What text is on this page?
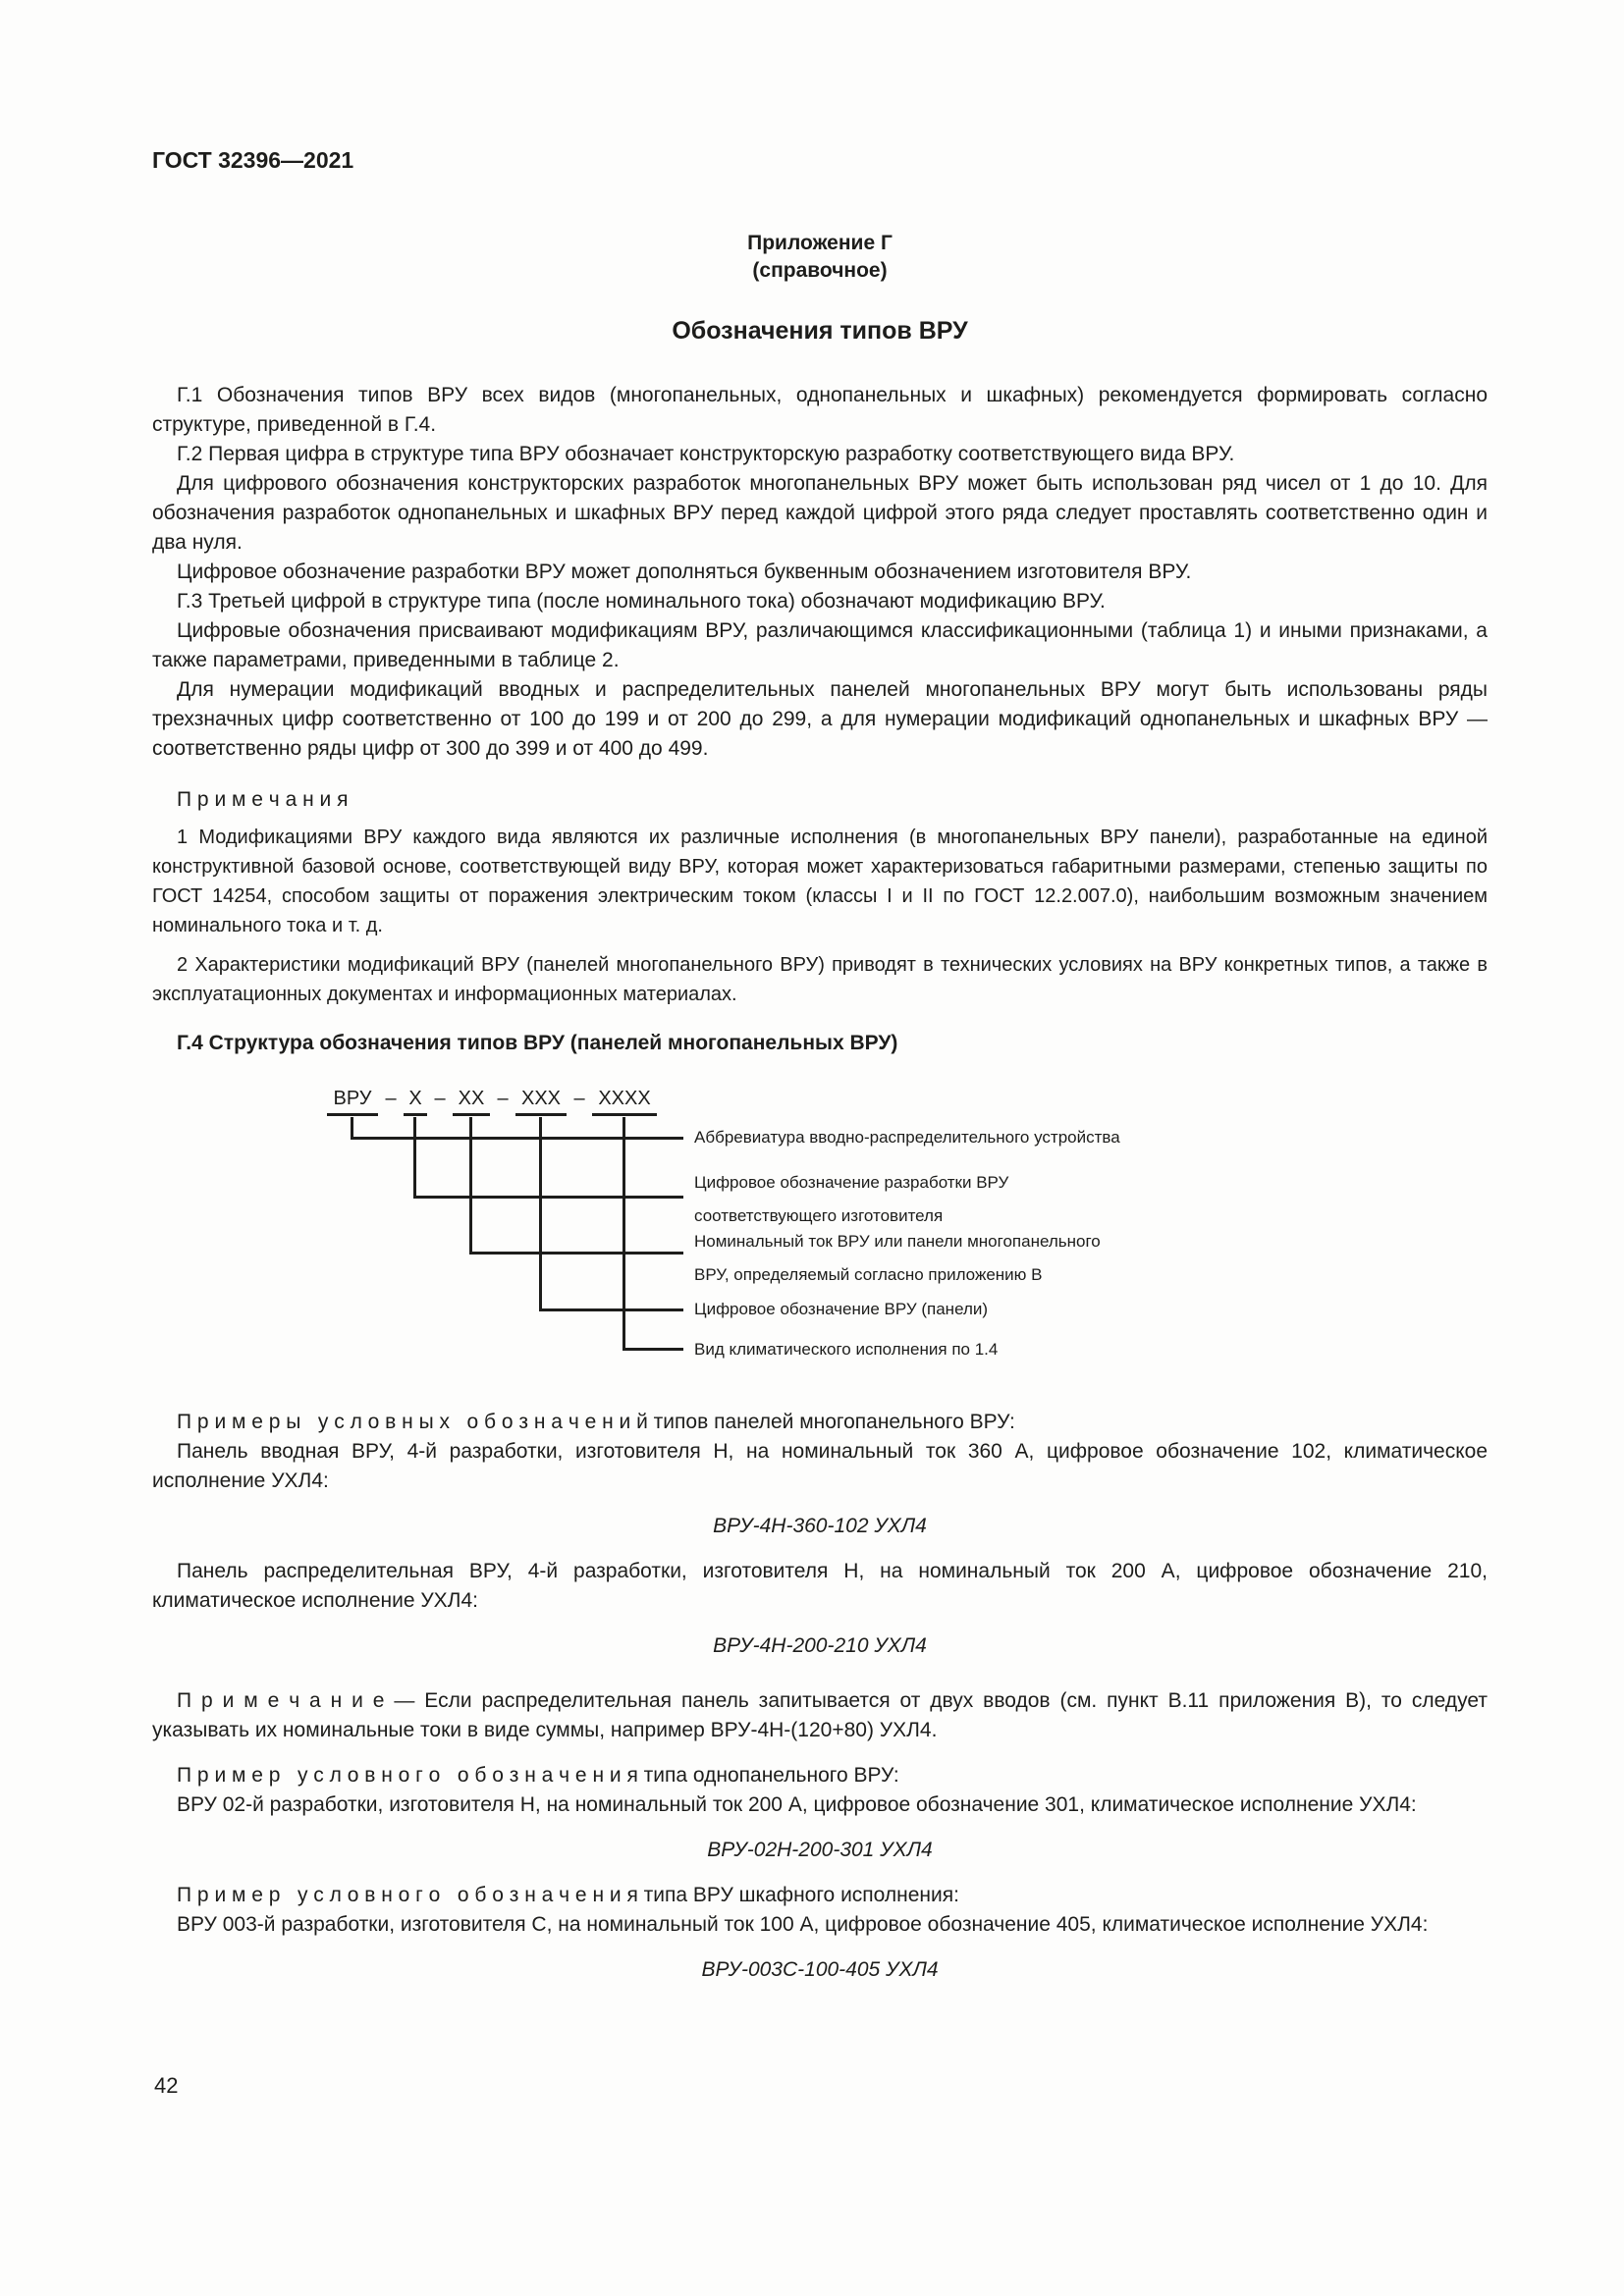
ГОСТ 32396—2021
Приложение Г
(справочное)
Обозначения типов ВРУ

Г.1 Обозначения типов ВРУ всех видов (многопанельных, однопанельных и шкафных) рекомендуется формировать согласно структуре, приведенной в Г.4.

Г.2 Первая цифра в структуре типа ВРУ обозначает конструкторскую разработку соответствующего вида ВРУ.

Для цифрового обозначения конструкторских разработок многопанельных ВРУ может быть использован ряд чисел от 1 до 10. Для обозначения разработок однопанельных и шкафных ВРУ перед каждой цифрой этого ряда следует проставлять соответственно один и два нуля.

Цифровое обозначение разработки ВРУ может дополняться буквенным обозначением изготовителя ВРУ.

Г.3 Третьей цифрой в структуре типа (после номинального тока) обозначают модификацию ВРУ.

Цифровые обозначения присваивают модификациям ВРУ, различающимся классификационными (таблица 1) и иными признаками, а также параметрами, приведенными в таблице 2.

Для нумерации модификаций вводных и распределительных панелей многопанельных ВРУ могут быть использованы ряды трехзначных цифр соответственно от 100 до 199 и от 200 до 299, а для нумерации модификаций однопанельных и шкафных ВРУ — соответственно ряды цифр от 300 до 399 и от 400 до 499.

П р и м е ч а н и я

1 Модификациями ВРУ каждого вида являются их различные исполнения (в многопанельных ВРУ панели), разработанные на единой конструктивной базовой основе, соответствующей виду ВРУ, которая может характеризоваться габаритными размерами, степенью защиты по ГОСТ 14254, способом защиты от поражения электрическим током (классы I и II по ГОСТ 12.2.007.0), наибольшим возможным значением номинального тока и т. д.

2 Характеристики модификаций ВРУ (панелей многопанельного ВРУ) приводят в технических условиях на ВРУ конкретных типов, а также в эксплуатационных документах и информационных материалах.

Г.4 Структура обозначения типов ВРУ (панелей многопанельных ВРУ)

ВРУ – Х – ХХ – ХХХ – ХХХХ
Аббревиатура вводно-распределительного устройства
Цифровое обозначение разработки ВРУ
соответствующего изготовителя
Номинальный ток ВРУ или панели многопанельного
ВРУ, определяемый согласно приложению В
Цифровое обозначение ВРУ (панели)
Вид климатического исполнения по 1.4

П р и м е р ы   у с л о в н ы х   о б о з н а ч е н и й типов панелей многопанельного ВРУ:

Панель вводная ВРУ, 4-й разработки, изготовителя Н, на номинальный ток 360 А, цифровое обозначение 102, климатическое исполнение УХЛ4:

ВРУ-4Н-360-102 УХЛ4

Панель распределительная ВРУ, 4-й разработки, изготовителя Н, на номинальный ток 200 А, цифровое обозначение 210, климатическое исполнение УХЛ4:

ВРУ-4Н-200-210 УХЛ4

П р и м е ч а н и е — Если распределительная панель запитывается от двух вводов (см. пункт В.11 приложения В), то следует указывать их номинальные токи в виде суммы, например ВРУ-4Н-(120+80) УХЛ4.

П р и м е р   у с л о в н о г о   о б о з н а ч е н и я типа однопанельного ВРУ:

ВРУ 02-й разработки, изготовителя Н, на номинальный ток 200 А, цифровое обозначение 301, климатическое исполнение УХЛ4:

ВРУ-02Н-200-301 УХЛ4

П р и м е р   у с л о в н о г о   о б о з н а ч е н и я типа ВРУ шкафного исполнения:

ВРУ 003-й разработки, изготовителя С, на номинальный ток 100 А, цифровое обозначение 405, климатическое исполнение УХЛ4:

ВРУ-003С-100-405 УХЛ4

42
